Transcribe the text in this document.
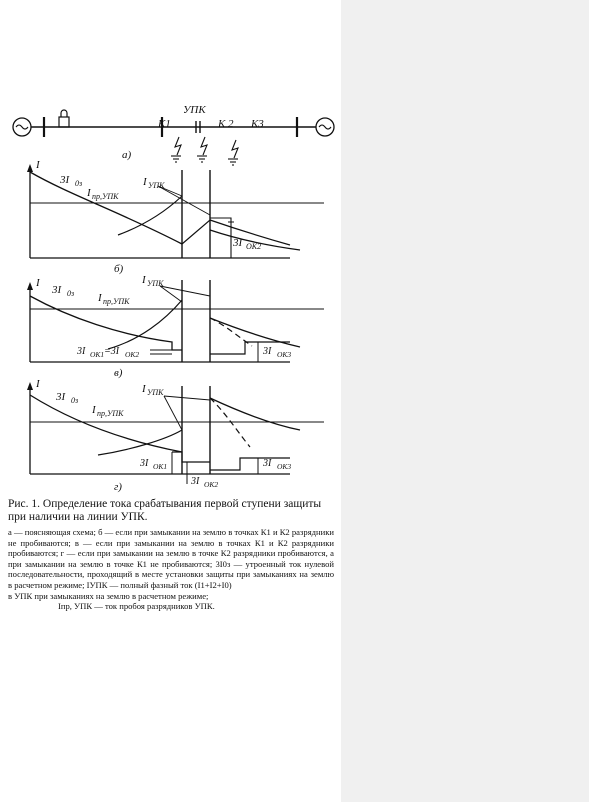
УПК
К1	К 2 К3
а)
I
3I 0з
I пр,УПК
I УПК
3I ОК2
б)
I
3I 0з I пр,УПК
I УПК
3I ОК1 =3I ОК2	3I ОК3
в)
I
3I 0з
I пр,УПК
I УПК
3I ОК1
3I ОК2
3I ОК3
г)

Рис. 1. Определение тока срабатывания первой ступени защиты при наличии на линии УПК.

а — поясняющая схема; б — если при замыкании на землю в точках К1 и К2 разрядники не пробиваются; в — если при замыкании на землю в точках К1 и К2 разрядники пробиваются; г — если при замыкании на землю в точке К2 разрядники пробиваются, а при замыкании на землю в точке К1 не пробиваются; 3I0з — утроенный ток нулевой последовательности, проходящий в месте установки защиты при замыканиях на землю в расчетном режиме; IУПК — полный фазный ток (I1+I2+I0)

в УПК при замыканиях на землю в расчетном режиме;
Iпр, УПК — ток пробоя разрядников УПК.
